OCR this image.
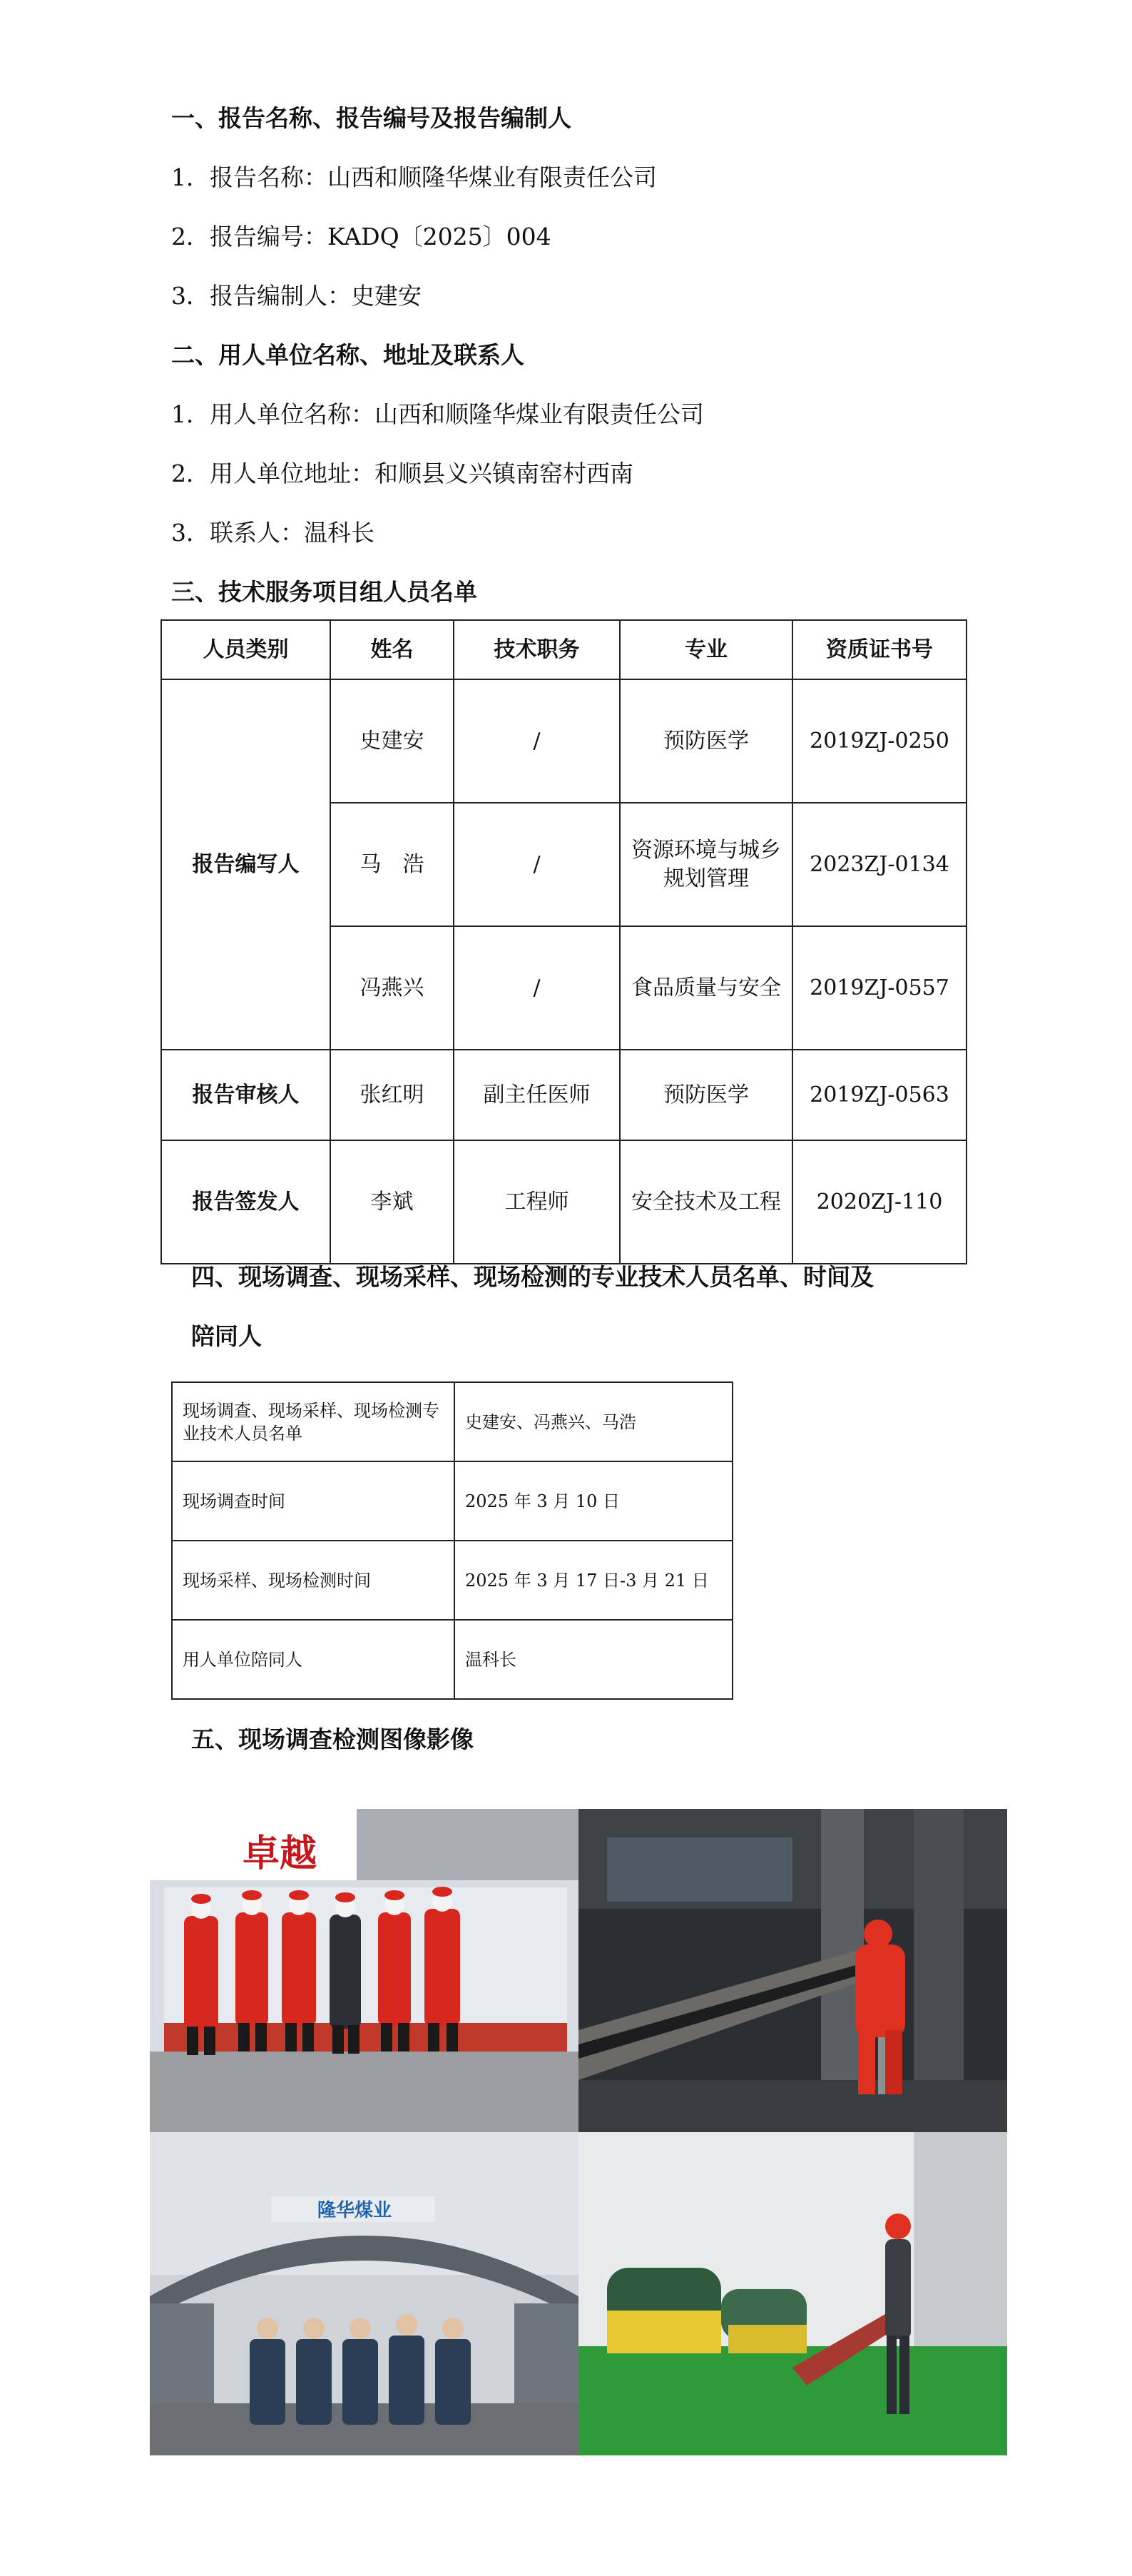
一、报告名称、报告编号及报告编制人
1．报告名称：山西和顺隆华煤业有限责任公司
2．报告编号：KADQ〔2025〕004
3．报告编制人：史建安
二、用人单位名称、地址及联系人
1．用人单位名称：山西和顺隆华煤业有限责任公司
2．用人单位地址：和顺县义兴镇南窑村西南
3．联系人：温科长
三、技术服务项目组人员名单
人员类别	姓名	技术职务	专业	资质证书号
报告编写人	史建安	/	预防医学	2019ZJ-0250
	马　浩	/	资源环境与城乡规划管理	2023ZJ-0134
	冯燕兴	/	食品质量与安全	2019ZJ-0557
报告审核人	张红明	副主任医师	预防医学	2019ZJ-0563
报告签发人	李斌	工程师	安全技术及工程	2020ZJ-110
四、现场调查、现场采样、现场检测的专业技术人员名单、时间及
陪同人
现场调查、现场采样、现场检测专业技术人员名单	史建安、冯燕兴、马浩
现场调查时间	2025 年 3 月 10 日
现场采样、现场检测时间	2025 年 3 月 17 日-3 月 21 日
用人单位陪同人	温科长
五、现场调查检测图像影像
卓越
隆华煤业
